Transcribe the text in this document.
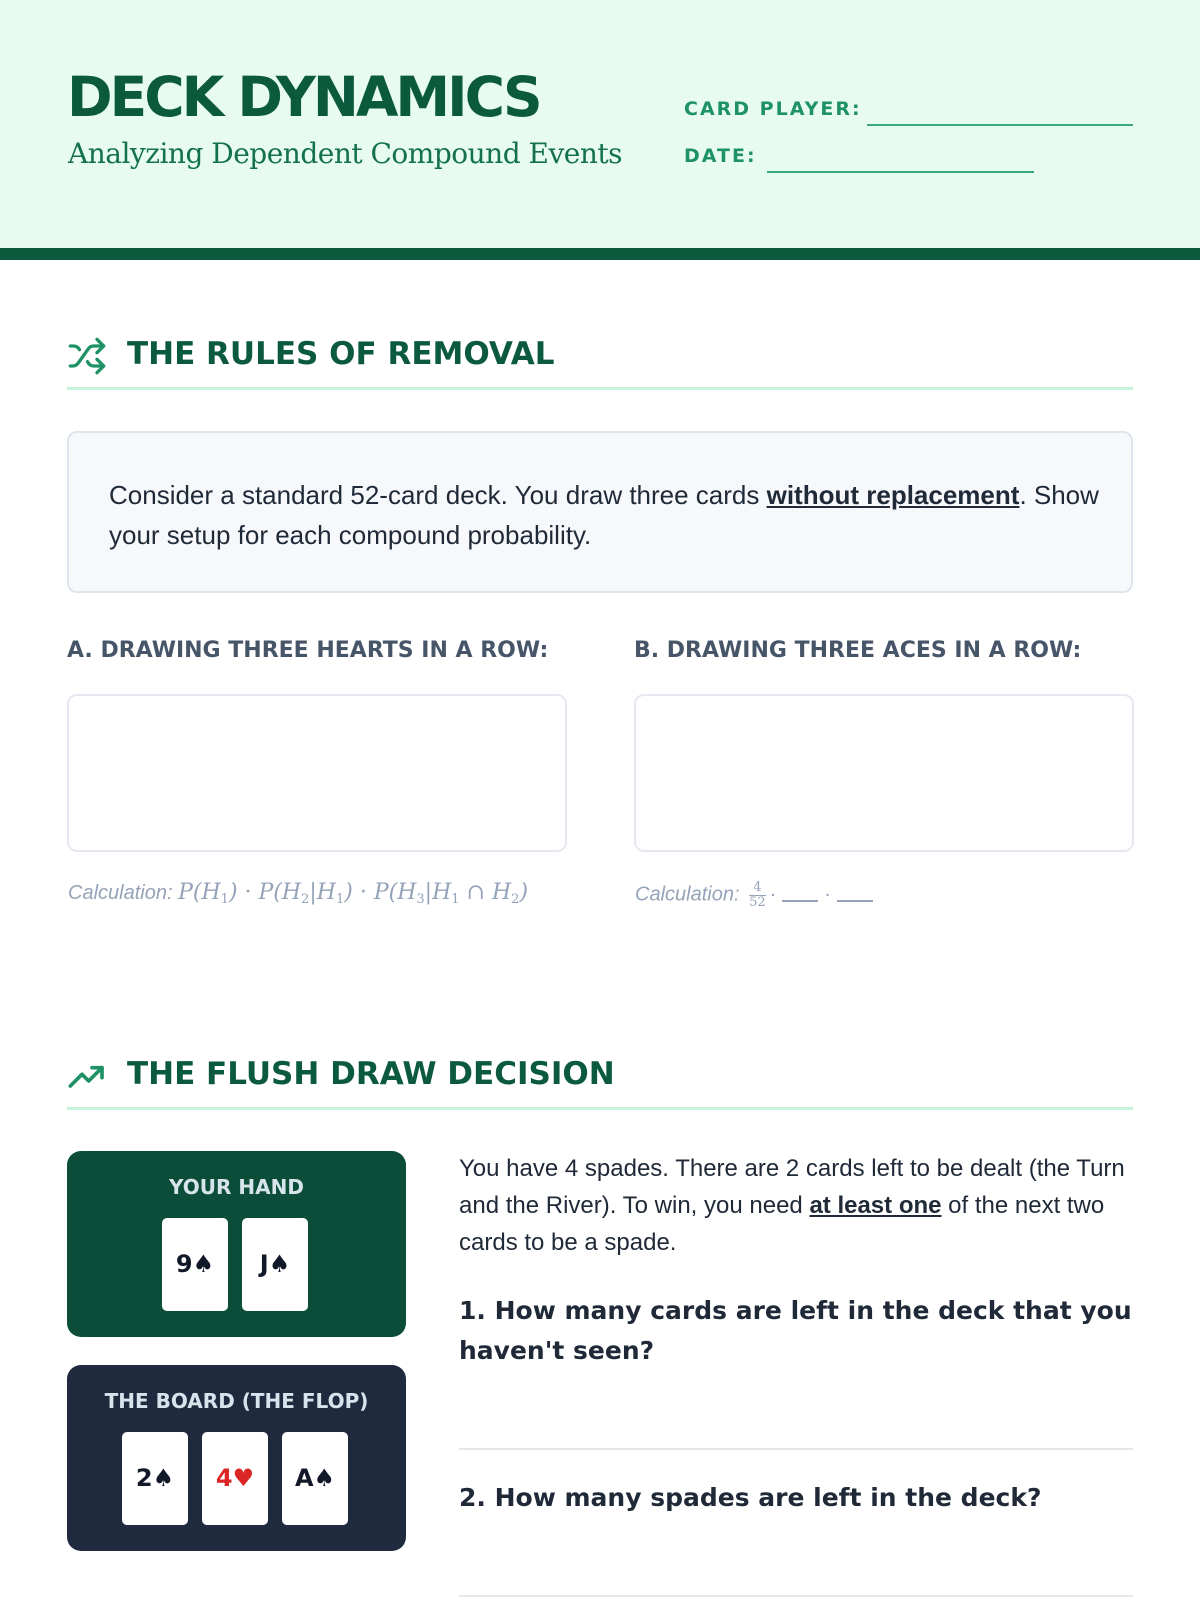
DECK DYNAMICS
Analyzing Dependent Compound Events
CARD PLAYER:
DATE:
THE RULES OF REMOVAL
Consider a standard 52-card deck. You draw three cards without replacement. Show your setup for each compound probability.
A. DRAWING THREE HEARTS IN A ROW:
Calculation: $P(H_1) \cdot P(H_2|H_1) \cdot P(H_3|H_1$ ∩ $H_2$)
B. DRAWING THREE ACES IN A ROW:
Calculation: $\frac{4}{52}$ · ·
THE FLUSH DRAW DECISION
YOUR HAND
9♠	J♠
THE BOARD (THE FLOP)
2♠	4♥	A♠
You have 4 spades. There are 2 cards left to be dealt (the Turn and the River). To win, you need at least one of the next two cards to be a spade.
1. How many cards are left in the deck that you haven't seen?
2. How many spades are left in the deck?
